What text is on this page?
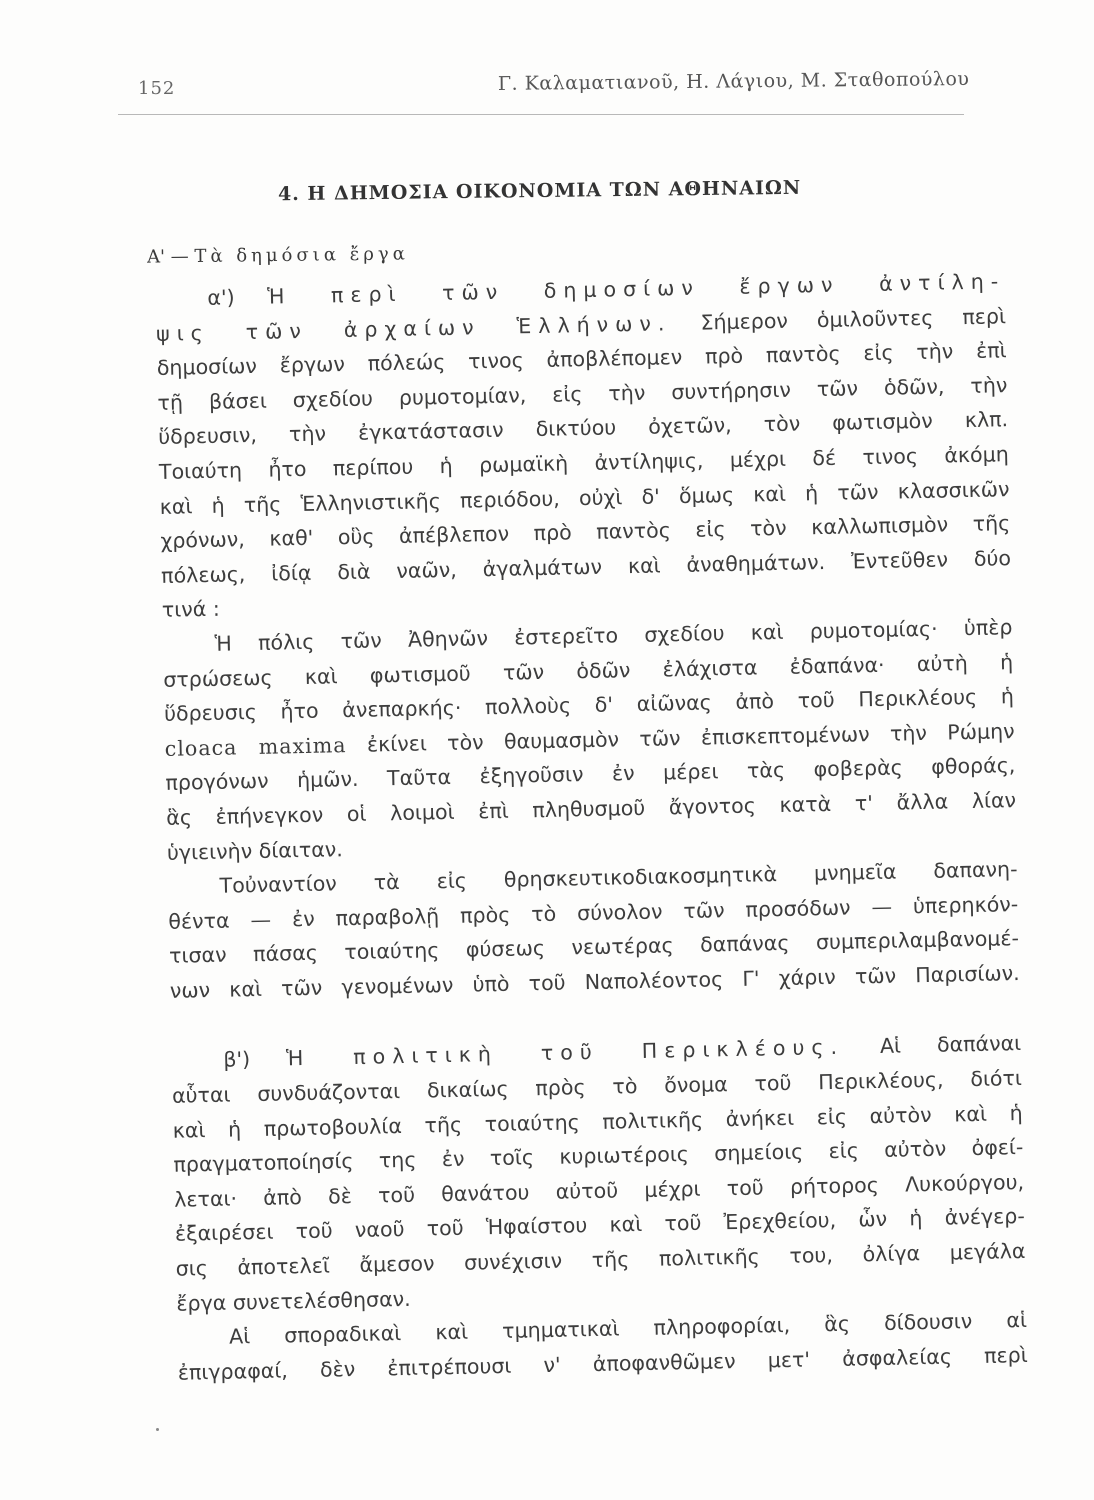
152	Γ. Καλαματιανοῦ, Η. Λάγιου, Μ. Σταθοπούλου
4. Η ΔΗΜΟΣΙΑ ΟΙΚΟΝΟΜΙΑ ΤΩΝ ΑΘΗΝΑΙΩΝ
Α' — Τὰ δημόσια ἔργα
α') Ἡ περὶ τῶν δημοσίων ἔργων ἀντίλη-
ψις τῶν ἀρχαίων Ἑλλήνων. Σήμερον ὁμιλοῦντες περὶ
δημοσίων ἔργων πόλεώς τινος ἀποβλέπομεν πρὸ παντὸς εἰς τὴν ἐπὶ
τῇ βάσει σχεδίου ρυμοτομίαν, εἰς τὴν συντήρησιν τῶν ὁδῶν, τὴν
ὕδρευσιν, τὴν ἐγκατάστασιν δικτύου ὀχετῶν, τὸν φωτισμὸν κλπ.
Τοιαύτη ἦτο περίπου ἡ ρωμαϊκὴ ἀντίληψις, μέχρι δέ τινος ἀκόμη
καὶ ἡ τῆς Ἑλληνιστικῆς περιόδου, οὐχὶ δ' ὅμως καὶ ἡ τῶν κλασσικῶν
χρόνων, καθ' οὓς ἀπέβλεπον πρὸ παντὸς εἰς τὸν καλλωπισμὸν τῆς
πόλεως, ἰδίᾳ διὰ ναῶν, ἀγαλμάτων καὶ ἀναθημάτων. Ἐντεῦθεν δύο
τινά :
Ἡ πόλις τῶν Ἀθηνῶν ἐστερεῖτο σχεδίου καὶ ρυμοτομίας· ὑπὲρ
στρώσεως καὶ φωτισμοῦ τῶν ὁδῶν ἐλάχιστα ἐδαπάνα· αὐτὴ ἡ
ὕδρευσις ἦτο ἀνεπαρκής· πολλοὺς δ' αἰῶνας ἀπὸ τοῦ Περικλέους ἡ
cloaca maxima ἐκίνει τὸν θαυμασμὸν τῶν ἐπισκεπτομένων τὴν Ρώμην
προγόνων ἡμῶν. Ταῦτα ἐξηγοῦσιν ἐν μέρει τὰς φοβερὰς φθοράς,
ἃς ἐπήνεγκον οἱ λοιμοὶ ἐπὶ πληθυσμοῦ ἄγοντος κατὰ τ' ἄλλα λίαν
ὑγιεινὴν δίαιταν.
Τοὐναντίον τὰ εἰς θρησκευτικοδιακοσμητικὰ μνημεῖα δαπανη-
θέντα — ἐν παραβολῇ πρὸς τὸ σύνολον τῶν προσόδων — ὑπερηκόν-
τισαν πάσας τοιαύτης φύσεως νεωτέρας δαπάνας συμπεριλαμβανομέ-
νων καὶ τῶν γενομένων ὑπὸ τοῦ Ναπολέοντος Γ' χάριν τῶν Παρισίων.
β') Ἡ πολιτικὴ τοῦ Περικλέους. Αἱ δαπάναι
αὗται συνδυάζονται δικαίως πρὸς τὸ ὄνομα τοῦ Περικλέους, διότι
καὶ ἡ πρωτοβουλία τῆς τοιαύτης πολιτικῆς ἀνήκει εἰς αὐτὸν καὶ ἡ
πραγματοποίησίς της ἐν τοῖς κυριωτέροις σημείοις εἰς αὐτὸν ὀφεί-
λεται· ἀπὸ δὲ τοῦ θανάτου αὐτοῦ μέχρι τοῦ ρήτορος Λυκούργου,
ἐξαιρέσει τοῦ ναοῦ τοῦ Ἡφαίστου καὶ τοῦ Ἐρεχθείου, ὧν ἡ ἀνέγερ-
σις ἀποτελεῖ ἄμεσον συνέχισιν τῆς πολιτικῆς του, ὀλίγα μεγάλα
ἔργα συνετελέσθησαν.
Αἱ σποραδικαὶ καὶ τμηματικαὶ πληροφορίαι, ἃς δίδουσιν αἱ
ἐπιγραφαί, δὲν ἐπιτρέπουσι ν' ἀποφανθῶμεν μετ' ἀσφαλείας περὶ
